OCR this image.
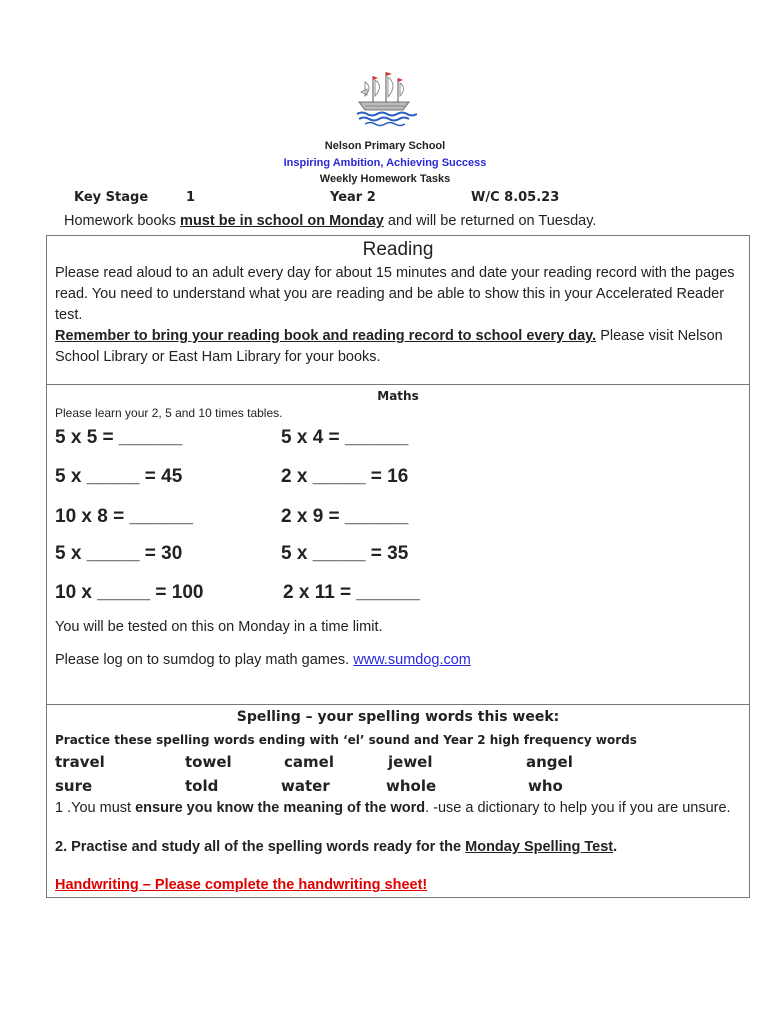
Nelson Primary School
Inspiring Ambition, Achieving Success
Weekly Homework Tasks
Key Stage	1	Year 2	W/C 8.05.23
Homework books must be in school on Monday and will be returned on Tuesday.
Reading
Please read aloud to an adult every day for about 15 minutes and date your reading record with the pages read. You need to understand what you are reading and be able to show this in your Accelerated Reader test.
Remember to bring your reading book and reading record to school every day. Please visit Nelson School Library or East Ham Library for your books.
Maths
Please learn your 2, 5 and 10 times tables.
5 x 5 = ______	5 x 4 = ______
5 x _____ = 45	2 x _____ = 16
10 x 8 = ______	2 x 9 = ______
5 x _____ = 30	5 x _____ = 35
10 x _____ = 100	2 x 11 = ______
You will be tested on this on Monday in a time limit.
Please log on to sumdog to play math games. www.sumdog.com
Spelling – your spelling words this week:
Practice these spelling words ending with ‘el’ sound and Year 2 high frequency words
travel	towel	camel	jewel	angel
sure	told	water	whole	who
1 .You must ensure you know the meaning of the word. -use a dictionary to help you if you are unsure.
2. Practise and study all of the spelling words ready for the Monday Spelling Test.
Handwriting – Please complete the handwriting sheet!
